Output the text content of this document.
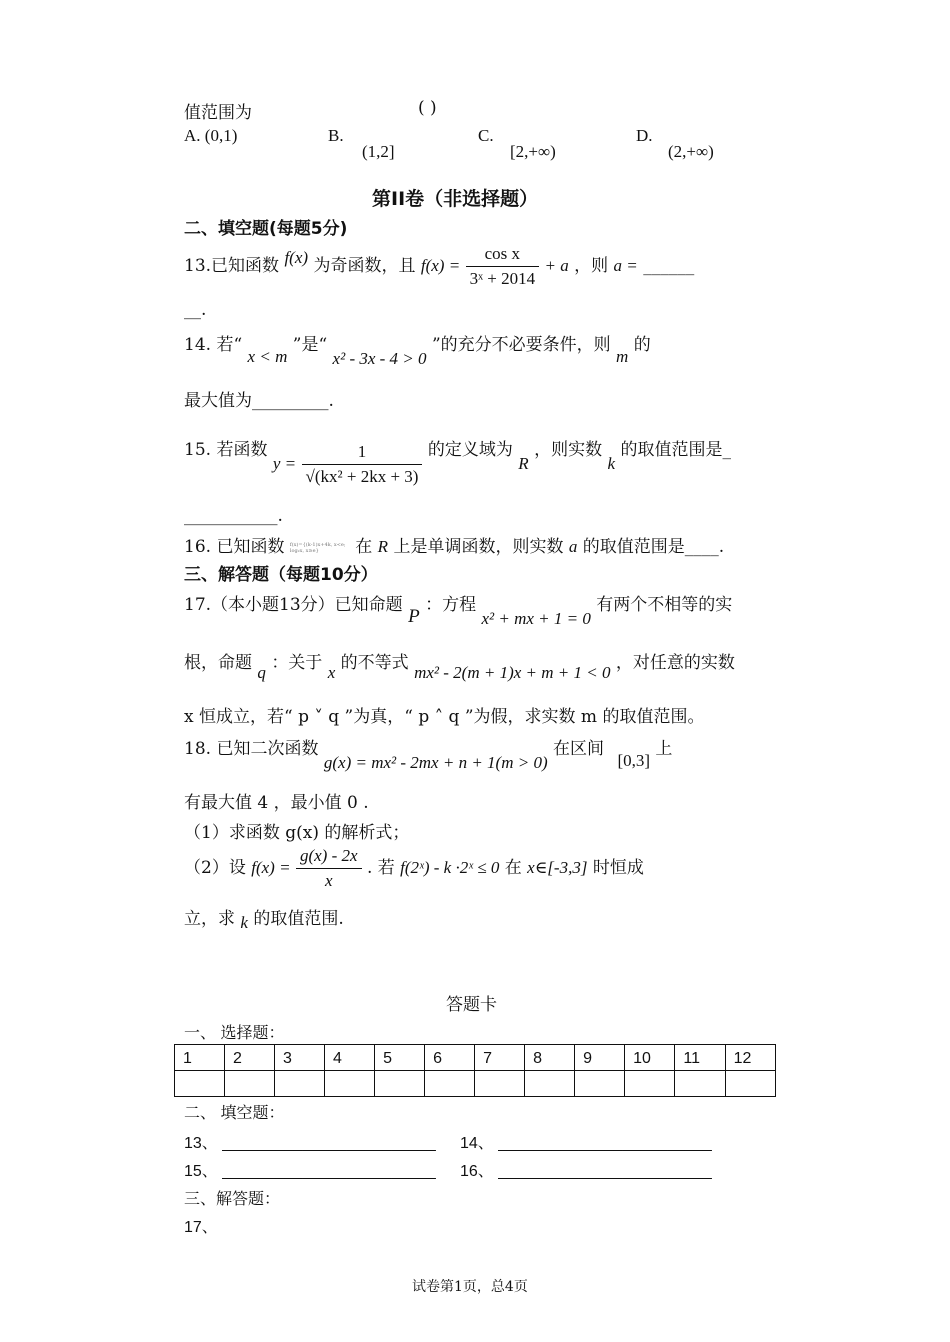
值范围为	( )
A. (0,1)	B.
(1,2]
C.
[2,+∞)
D.
(2,+∞)
第II卷（非选择题）
二、填空题(每题5分)
13.已知函数 f(x) 为奇函数，且 $f(x) = \frac{\text{cos x}}{\text{3ˣ + 2014}} + a$ ，则 a = ______
__.
14. 若“ x < m ”是“ x² - 3x - 4 > 0 ”的充分不必要条件，则 m 的
最大值为_________.
15. 若函数 $y = \frac{1}{\text{√(kx² + 2kx + 3)}}$ 的定义域为 R ，则实数 k 的取值范围是_
___________.
16. 已知函数 f(x)={(k-1)x+4k, x<e; log₂x, x≥e} 在 R 上是单调函数，则实数 a 的取值范围是____.
三、解答题（每题10分）
17.（本小题13分）已知命题 P ：方程 x² + mx + 1 = 0 有两个不相等的实
根，命题 q ：关于 x 的不等式 mx² - 2(m + 1)x + m + 1 < 0 ，对任意的实数
x 恒成立，若“ p ˅ q ”为真，“ p ˄ q ”为假，求实数 m 的取值范围。
18. 已知二次函数 g(x) = mx² - 2mx + n + 1(m > 0) 在区间 [0,3] 上
有最大值 4 ，最小值 0 .
（1）求函数 g(x) 的解析式；
（2）设 $f(x) = \frac{g(x) - 2x}{x}$ . 若 f(2ˣ) - k ·2ˣ ≤ 0 在 x∈[-3,3] 时恒成
立，求 k 的取值范围.
答题卡
一、 选择题：
1	2	3	4	5	6	7	8	9	10	11	12

二、 填空题：
13、 ________________________ 14、 ________________________
15、 ________________________ 16、 ________________________
三、解答题：
17、
试卷第1页，总4页
